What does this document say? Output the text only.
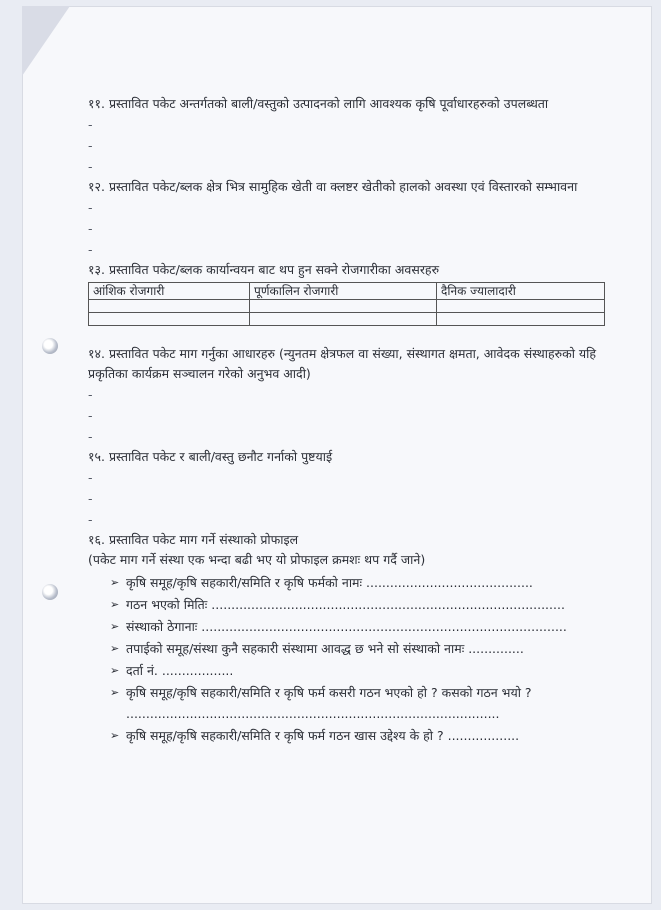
११. प्रस्तावित पकेट अन्तर्गतको बाली/वस्तुको उत्पादनको लागि आवश्यक कृषि पूर्वाधारहरुको उपलब्धता

-

-

-

१२. प्रस्तावित पकेट/ब्लक क्षेत्र भित्र सामुहिक खेती वा क्लष्टर खेतीको हालको अवस्था एवं विस्तारको सम्भावना

-

-

-

१३. प्रस्तावित पकेट/ब्लक कार्यान्वयन बाट थप हुन सक्ने रोजगारीका अवसरहरु

आंशिक रोजगारी	पूर्णकालिन रोजगारी	दैनिक ज्यालादारी

१४. प्रस्तावित पकेट माग गर्नुका आधारहरु (न्युनतम क्षेत्रफल वा संख्या, संस्थागत क्षमता, आवेदक संस्थाहरुको यहि प्रकृतिका कार्यक्रम सञ्चालन गरेको अनुभव आदी)

-

-

-

१५. प्रस्तावित पकेट र बाली/वस्तु छनौट गर्नाको पुष्टयाई

-

-

-

१६. प्रस्तावित पकेट माग गर्ने संस्थाको प्रोफाइल

(पकेट माग गर्ने संस्था एक भन्दा बढी भए यो प्रोफाइल क्रमशः थप गर्दै जाने)

➢ कृषि समूह/कृषि सहकारी/समिति र कृषि फर्मको नामः ..........................................
➢ गठन भएको मितिः .........................................................................................
➢ संस्थाको ठेगानाः ............................................................................................
➢ तपाईको समूह/संस्था कुनै सहकारी संस्थामा आवद्ध छ भने सो संस्थाको नामः ..............
➢ दर्ता नं. ..................
➢ कृषि समूह/कृषि सहकारी/समिति र कृषि फर्म कसरी गठन भएको हो ? कसको गठन भयो ? ..............................................................................................
➢ कृषि समूह/कृषि सहकारी/समिति र कृषि फर्म गठन खास उद्देश्य के हो ? ..................
